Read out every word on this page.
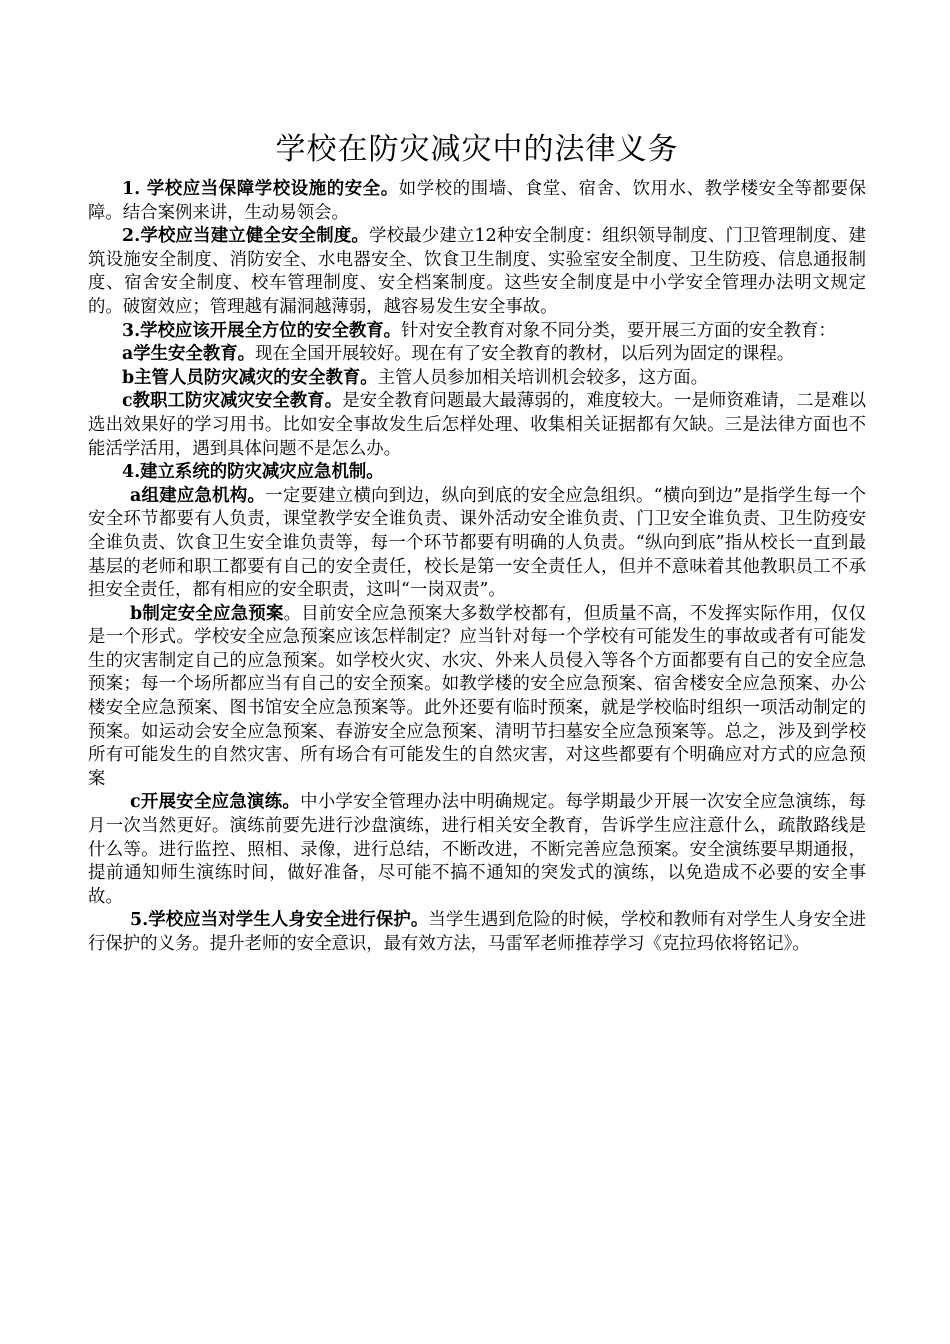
学校在防灾减灾中的法律义务

1. 学校应当保障学校设施的安全。如学校的围墙、食堂、宿舍、饮用水、教学楼安全等都要保障。结合案例来讲，生动易领会。

2.学校应当建立健全安全制度。学校最少建立12种安全制度：组织领导制度、门卫管理制度、建筑设施安全制度、消防安全、水电器安全、饮食卫生制度、实验室安全制度、卫生防疫、信息通报制度、宿舍安全制度、校车管理制度、安全档案制度。这些安全制度是中小学安全管理办法明文规定的。破窗效应；管理越有漏洞越薄弱，越容易发生安全事故。

3.学校应该开展全方位的安全教育。针对安全教育对象不同分类，要开展三方面的安全教育：

a学生安全教育。现在全国开展较好。现在有了安全教育的教材，以后列为固定的课程。

b主管人员防灾减灾的安全教育。主管人员参加相关培训机会较多，这方面。

c教职工防灾减灾安全教育。是安全教育问题最大最薄弱的，难度较大。一是师资难请，二是难以选出效果好的学习用书。比如安全事故发生后怎样处理、收集相关证据都有欠缺。三是法律方面也不能活学活用，遇到具体问题不是怎么办。

4.建立系统的防灾减灾应急机制。

a组建应急机构。一定要建立横向到边，纵向到底的安全应急组织。“横向到边”是指学生每一个安全环节都要有人负责，课堂教学安全谁负责、课外活动安全谁负责、门卫安全谁负责、卫生防疫安全谁负责、饮食卫生安全谁负责等，每一个环节都要有明确的人负责。“纵向到底”指从校长一直到最基层的老师和职工都要有自己的安全责任，校长是第一安全责任人，但并不意味着其他教职员工不承担安全责任，都有相应的安全职责，这叫“一岗双责”。

b制定安全应急预案。目前安全应急预案大多数学校都有，但质量不高，不发挥实际作用，仅仅是一个形式。学校安全应急预案应该怎样制定？应当针对每一个学校有可能发生的事故或者有可能发生的灾害制定自己的应急预案。如学校火灾、水灾、外来人员侵入等各个方面都要有自己的安全应急预案；每一个场所都应当有自己的安全预案。如教学楼的安全应急预案、宿舍楼安全应急预案、办公楼安全应急预案、图书馆安全应急预案等。此外还要有临时预案，就是学校临时组织一项活动制定的预案。如运动会安全应急预案、春游安全应急预案、清明节扫墓安全应急预案等。总之，涉及到学校所有可能发生的自然灾害、所有场合有可能发生的自然灾害，对这些都要有个明确应对方式的应急预案

c开展安全应急演练。中小学安全管理办法中明确规定。每学期最少开展一次安全应急演练，每月一次当然更好。演练前要先进行沙盘演练，进行相关安全教育，告诉学生应注意什么，疏散路线是什么等。进行监控、照相、录像，进行总结，不断改进，不断完善应急预案。安全演练要早期通报，提前通知师生演练时间，做好准备，尽可能不搞不通知的突发式的演练，以免造成不必要的安全事故。

5.学校应当对学生人身安全进行保护。当学生遇到危险的时候，学校和教师有对学生人身安全进行保护的义务。提升老师的安全意识，最有效方法，马雷军老师推荐学习《克拉玛依将铭记》。
